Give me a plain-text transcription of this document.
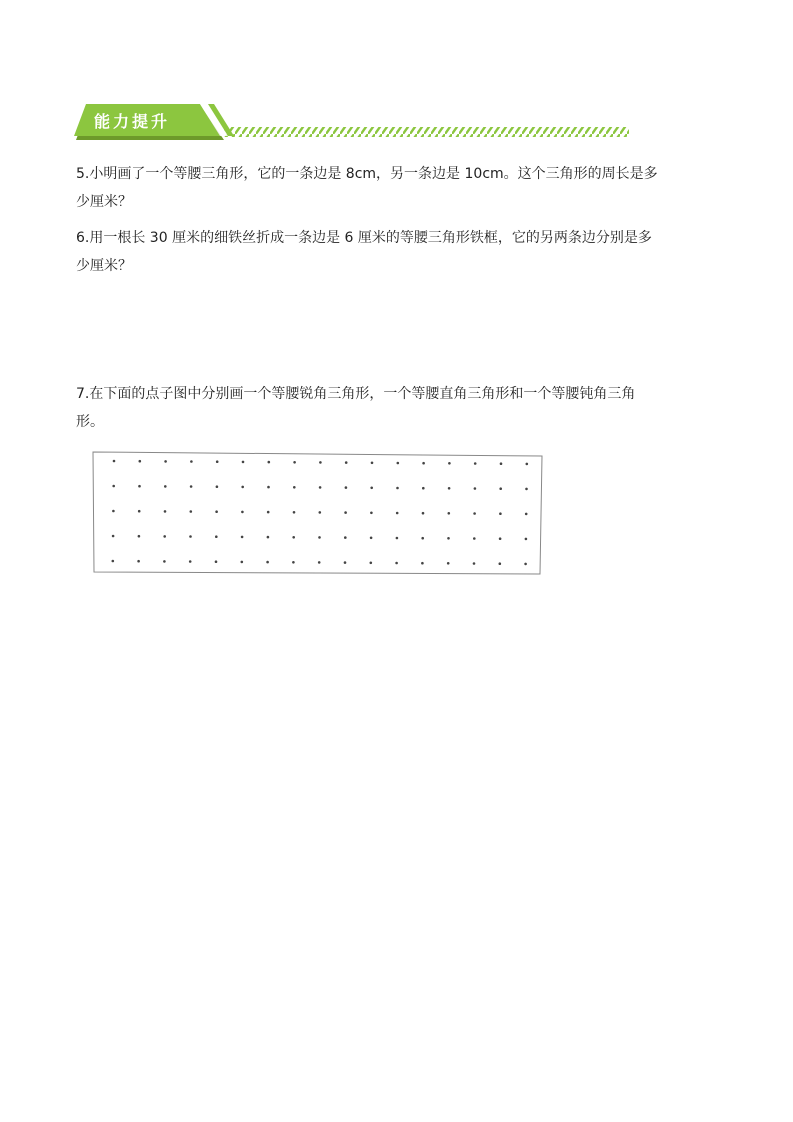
能力提升
5.小明画了一个等腰三角形，它的一条边是 8cm，另一条边是 10cm。这个三角形的周长是多
少厘米？
6.用一根长 30 厘米的细铁丝折成一条边是 6 厘米的等腰三角形铁框，它的另两条边分别是多
少厘米？
7.在下面的点子图中分别画一个等腰锐角三角形，一个等腰直角三角形和一个等腰钝角三角
形。
